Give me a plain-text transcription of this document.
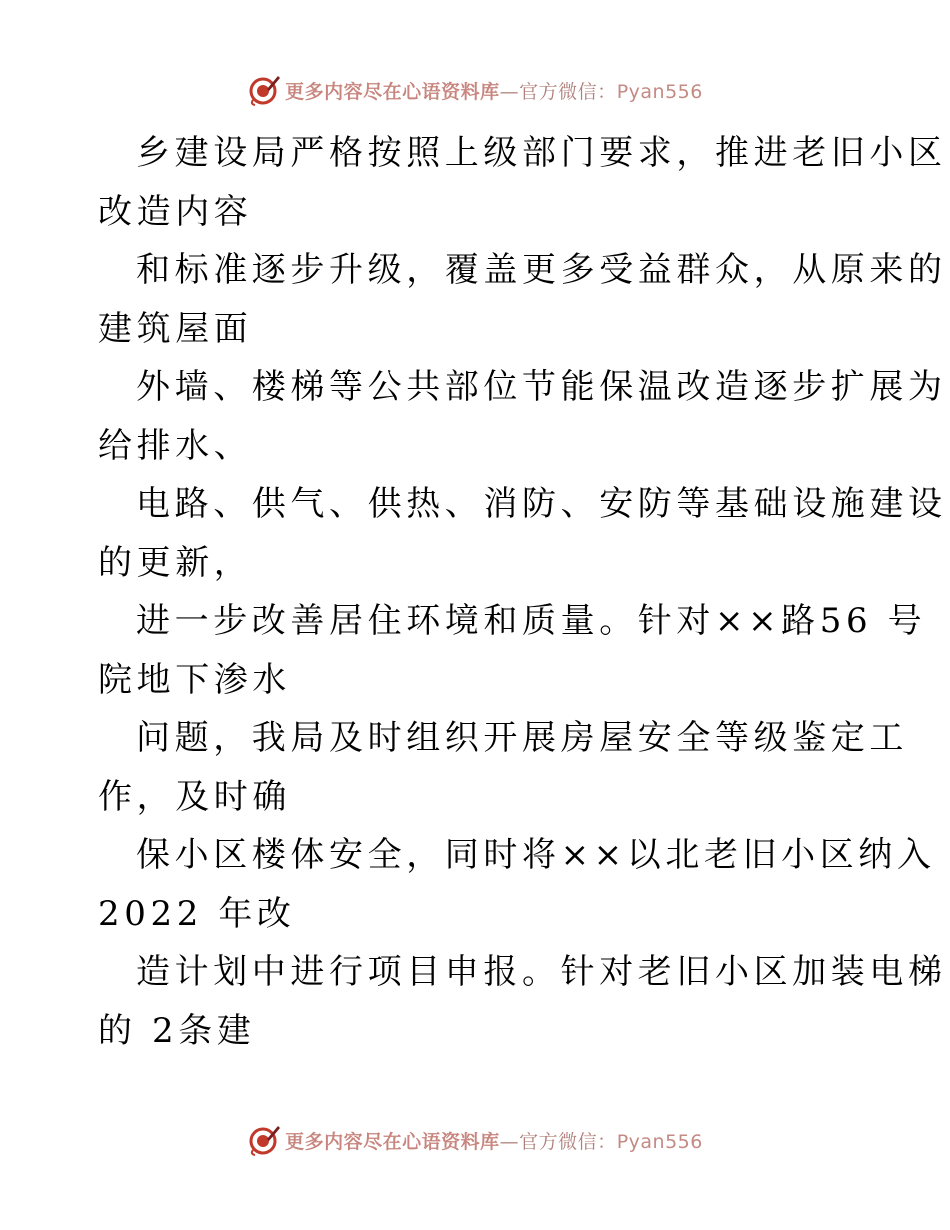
更多内容尽在心语资料库—官方微信：Pyan556
乡建设局严格按照上级部门要求，推进老旧小区
改造内容
和标准逐步升级，覆盖更多受益群众，从原来的
建筑屋面
外墙、楼梯等公共部位节能保温改造逐步扩展为
给排水、
电路、供气、供热、消防、安防等基础设施建设
的更新，
进一步改善居住环境和质量。针对××路56 号
院地下渗水
问题，我局及时组织开展房屋安全等级鉴定工
作，及时确
保小区楼体安全，同时将××以北老旧小区纳入
2022 年改
造计划中进行项目申报。针对老旧小区加装电梯
的 2条建
更多内容尽在心语资料库—官方微信：Pyan556
